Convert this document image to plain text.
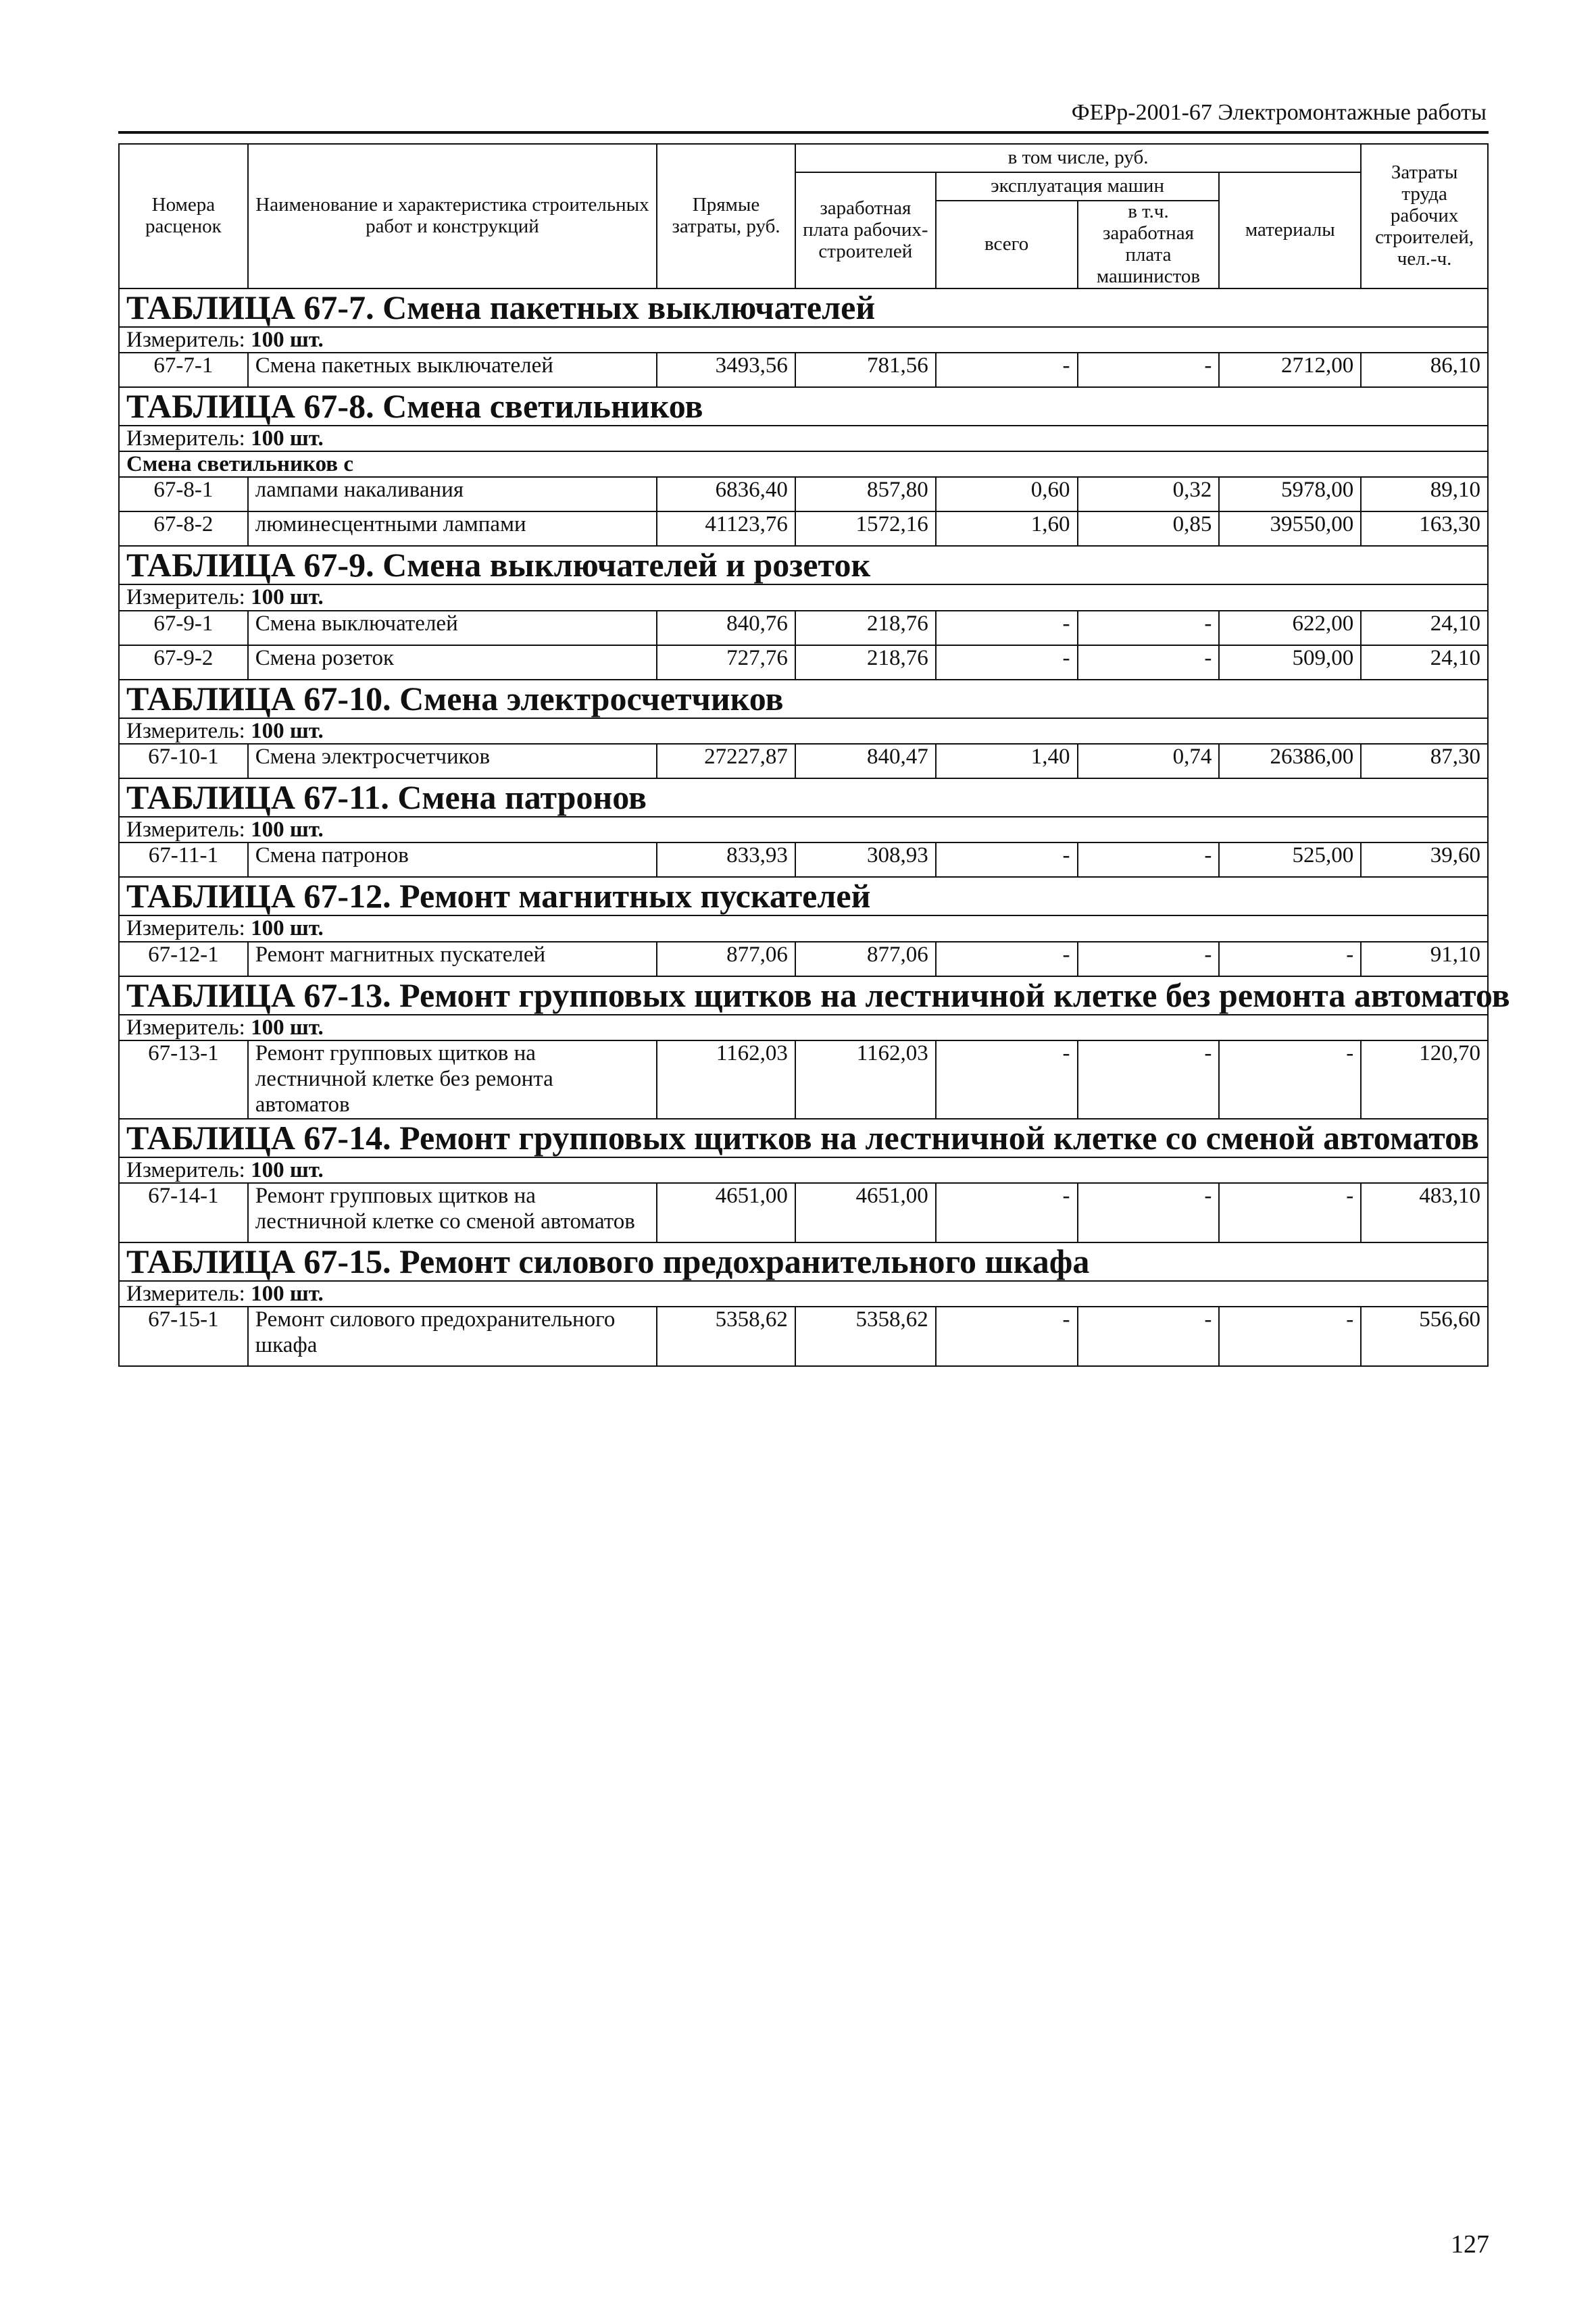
ФЕРр-2001-67 Электромонтажные работы
Номера расценок	Наименование и характеристика строительных работ и конструкций	Прямые затраты, руб.	в том числе, руб.				Затраты труда рабочих строителей, чел.-ч.
			заработная плата рабочих-строителей	эксплуатация машин		материалы	
				всего	в т.ч. заработная плата машинистов		
ТАБЛИЦА 67-7. Смена пакетных выключателей							
Измеритель: 100 шт.							
67-7-1	Смена пакетных выключателей	3493,56	781,56	-	-	2712,00	86,10
ТАБЛИЦА 67-8. Смена светильников							
Измеритель: 100 шт.							
Смена светильников с							
67-8-1	лампами накаливания	6836,40	857,80	0,60	0,32	5978,00	89,10
67-8-2	люминесцентными лампами	41123,76	1572,16	1,60	0,85	39550,00	163,30
ТАБЛИЦА 67-9. Смена выключателей и розеток							
Измеритель: 100 шт.							
67-9-1	Смена выключателей	840,76	218,76	-	-	622,00	24,10
67-9-2	Смена розеток	727,76	218,76	-	-	509,00	24,10
ТАБЛИЦА 67-10. Смена электросчетчиков							
Измеритель: 100 шт.							
67-10-1	Смена электросчетчиков	27227,87	840,47	1,40	0,74	26386,00	87,30
ТАБЛИЦА 67-11. Смена патронов							
Измеритель: 100 шт.							
67-11-1	Смена патронов	833,93	308,93	-	-	525,00	39,60
ТАБЛИЦА 67-12. Ремонт магнитных пускателей							
Измеритель: 100 шт.							
67-12-1	Ремонт магнитных пускателей	877,06	877,06	-	-	-	91,10
ТАБЛИЦА 67-13. Ремонт групповых щитков на лестничной клетке без ремонта автоматов							
Измеритель: 100 шт.							
67-13-1	Ремонт групповых щитков на лестничной клетке без ремонта автоматов	1162,03	1162,03	-	-	-	120,70
ТАБЛИЦА 67-14. Ремонт групповых щитков на лестничной клетке со сменой автоматов							
Измеритель: 100 шт.							
67-14-1	Ремонт групповых щитков на лестничной клетке со сменой автоматов	4651,00	4651,00	-	-	-	483,10
ТАБЛИЦА 67-15. Ремонт силового предохранительного шкафа							
Измеритель: 100 шт.							
67-15-1	Ремонт силового предохранительного шкафа	5358,62	5358,62	-	-	-	556,60
127
